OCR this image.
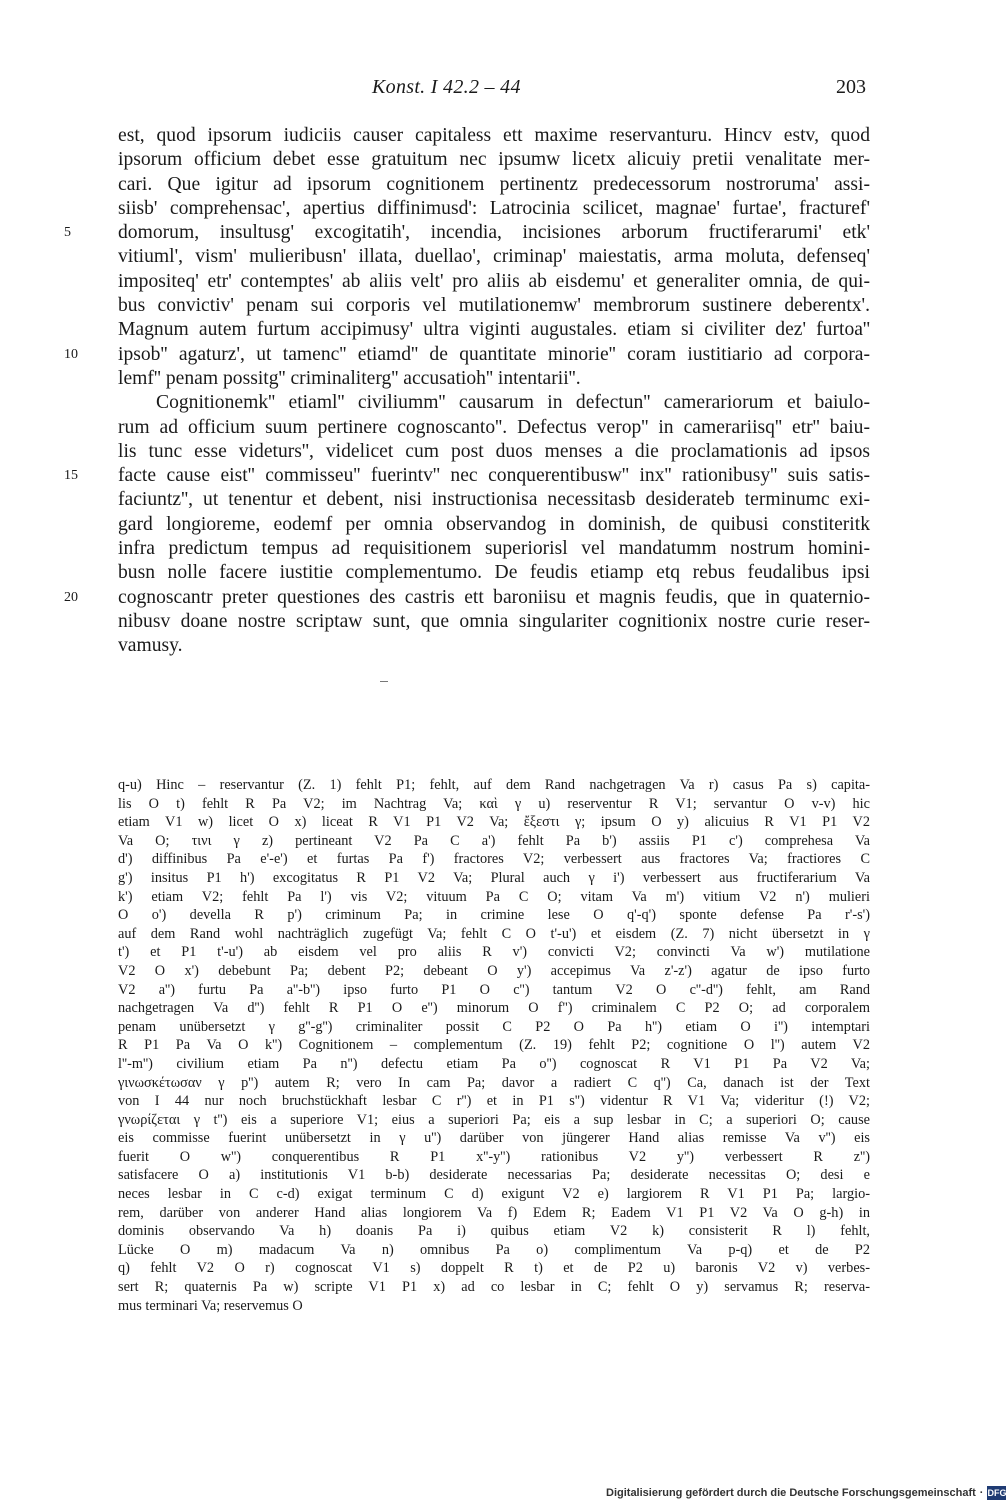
Konst. I 42.2 – 44	203
est, quod ipsorum iudiciis causer capitaless ett maxime reservanturu. Hincv estv, quod
ipsorum officium debet esse gratuitum nec ipsumw licetx alicuiy pretii venalitate mer-
cari. Que igitur ad ipsorum cognitionem pertinentz predecessorum nostroruma' assi-
siisb' comprehensac', apertius diffinimusd': Latrocinia scilicet, magnae' furtae', fracturef'
5	domorum, insultusg' excogitatih', incendia, incisiones arborum fructiferarumi' etk'
vitiuml', vism' mulieribusn' illata, duellao', criminap' maiestatis, arma moluta, defenseq'
impositeq' etr' contemptes' ab aliis velt' pro aliis ab eisdemu' et generaliter omnia, de qui-
bus convictiv' penam sui corporis vel mutilationemw' membrorum sustinere deberentx'.
Magnum autem furtum accipimusy' ultra viginti augustales. etiam si civiliter dez' furtoa''
10	ipsob'' agaturz', ut tamenc'' etiamd'' de quantitate minorie'' coram iustitiario ad corpora-
lemf'' penam possitg'' criminaliterg'' accusatioh'' intentarii''.
Cognitionemk'' etiaml'' civiliumm'' causarum in defectun'' camerariorum et baiulo-
rum ad officium suum pertinere cognoscanto''. Defectus verop'' in camerariisq'' etr'' baiu-
lis tunc esse videturs'', videlicet cum post duos menses a die proclamationis ad ipsos
15	facte cause eist'' commisseu'' fuerintv'' nec conquerentibusw'' inx'' rationibusy'' suis satis-
faciuntz'', ut tenentur et debent, nisi instructionisa necessitasb desiderateb terminumc exi-
gard longioreme, eodemf per omnia observandog in dominish, de quibusi constiteritk
infra predictum tempus ad requisitionem superiorisl vel mandatumm nostrum homini-
busn nolle facere iustitie complementumo. De feudis etiamp etq rebus feudalibus ipsi
20	cognoscantr preter questiones des castris ett baroniisu et magnis feudis, que in quaternio-
nibusv doane nostre scriptaw sunt, que omnia singulariter cognitionix nostre curie reser-
vamusy.
q-u) Hinc – reservantur (Z. 1) fehlt P1; fehlt, auf dem Rand nachgetragen Va r) casus Pa s) capita-
lis O t) fehlt R Pa V2; im Nachtrag Va; καὶ γ u) reserventur R V1; servantur O v-v) hic
etiam V1 w) licet O x) liceat R V1 P1 V2 Va; ἔξεστι γ; ipsum O y) alicuius R V1 P1 V2
Va O; τινι γ z) pertineant V2 Pa C a') fehlt Pa b') assiis P1 c') comprehesa Va
d') diffinibus Pa e'-e') et furtas Pa f') fractores V2; verbessert aus fractores Va; fractiores C
g') insitus P1 h') excogitatus R P1 V2 Va; Plural auch γ i') verbessert aus fructiferarium Va
k') etiam V2; fehlt Pa l') vis V2; vituum Pa C O; vitam Va m') vitium V2 n') mulieri
O o') devella R p') criminum Pa; in crimine lese O q'-q') sponte defense Pa r'-s')
auf dem Rand wohl nachträglich zugefügt Va; fehlt C O t'-u') et eisdem (Z. 7) nicht übersetzt in γ
t') et P1 t'-u') ab eisdem vel pro aliis R v') convicti V2; convincti Va w') mutilatione
V2 O x') debebunt Pa; debent P2; debeant O y') accepimus Va z'-z') agatur de ipso furto
V2 a'') furtu Pa a''-b'') ipso furto P1 O c'') tantum V2 O c''-d'') fehlt, am Rand
nachgetragen Va d'') fehlt R P1 O e'') minorum O f'') criminalem C P2 O; ad corporalem
penam unübersetzt γ g''-g'') criminaliter possit C P2 O Pa h'') etiam O i'') intemptari
R P1 Pa Va O k'') Cognitionem – complementum (Z. 19) fehlt P2; cognitione O l'') autem V2
l''-m'') civilium etiam Pa n'') defectu etiam Pa o'') cognoscat R V1 P1 Pa V2 Va;
γινωσκέτωσαν γ p'') autem R; vero In cam Pa; davor a radiert C q'') Ca, danach ist der Text
von I 44 nur noch bruchstückhaft lesbar C r'') et in P1 s'') videntur R V1 Va; videritur (!) V2;
γνωρίζεται γ t'') eis a superiore V1; eius a superiori Pa; eis a sup lesbar in C; a superiori O; cause
eis commisse fuerint unübersetzt in γ u'') darüber von jüngerer Hand alias remisse Va v'') eis
fuerit O w'') conquerentibus R P1 x''-y'') rationibus V2 y'') verbessert R z'')
satisfacere O a) institutionis V1 b-b) desiderate necessarias Pa; desiderate necessitas O; desi e
neces lesbar in C c-d) exigat terminum C d) exigunt V2 e) largiorem R V1 P1 Pa; largio-
rem, darüber von anderer Hand alias longiorem Va f) Edem R; Eadem V1 P1 V2 Va O g-h) in
dominis observando Va h) doanis Pa i) quibus etiam V2 k) consisterit R l) fehlt,
Lücke O m) madacum Va n) omnibus Pa o) complimentum Va p-q) et de P2
q) fehlt V2 O r) cognoscat V1 s) doppelt R t) et de P2 u) baronis V2 v) verbes-
sert R; quaternis Pa w) scripte V1 P1 x) ad co lesbar in C; fehlt O y) servamus R; reserva-
mus terminari Va; reservemus O
Digitalisierung gefördert durch die Deutsche Forschungsgemeinschaft · DFG
